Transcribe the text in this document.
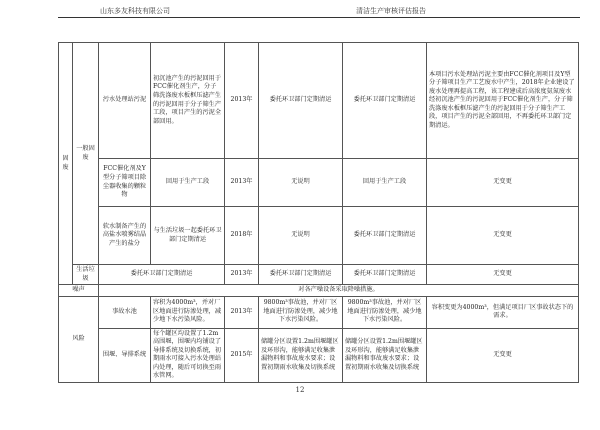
山东多友科技有限公司	清洁生产审核评估报告
固废	一般固废	污水处理站污泥	初沉池产生的污泥回用于FCC催化剂生产，分子筛洗涤废水板框压滤产生的污泥回用于分子筛生产工段，项目产生的污泥全部回用。	2013年	委托环卫部门定期清运	委托环卫部门定期清运	本项目污水处理站污泥主要由FCC催化剂项目及Y型分子筛项目生产工艺废水中产生，2018年企业建设了废水处理再提高工程，该工程建成后高浓度氨氮废水经初沉池产生的污泥回用于FCC催化剂生产，分子筛洗涤废水板框压滤产生的污泥回用于分子筛生产工段，项目产生的污泥全部回用，不再委托环卫部门定期清运。
		FCC催化剂及Y型分子筛项目除尘器收集的颗粒物	回用于生产工段	2013年	无说明	回用于生产工段	无变更
		软水制备产生的高盐水喷雾结晶产生的盐分	与生活垃圾一起委托环卫部门定期清运	2018年	无说明	委托环卫部门定期清运	无变更
	生活垃圾	委托环卫部门定期清运		2013年	委托环卫部门定期清运	委托环卫部门定期清运	无变更
噪声		对各产噪设备采取降噪措施。					
风险		事故水池	容积为4000m³，并对厂区地面进行防渗处理，减少地下水污染风险。	2013年	9800m³事故池，并对厂区地面进行防渗处理，减少地下水污染风险。	9800m³事故池，并对厂区地面进行防渗处理，减少地下水污染风险。	容积变更为4000m³，但满足项目厂区事故状态下的需求。
		围堰、导排系统	每个罐区均设置了1.2m高围堰，围堰内均铺设了导排系统及切换系统，初期雨水可接入污水处理站内处理，随后可切换至雨水管网。	2015年	储罐分区设置1.2m围堰罐区及环形沟，能够满足收集泄漏物料和事故废水要求；设置初期雨水收集及切换系统	储罐分区设置1.2m围堰罐区及环形沟，能够满足收集泄漏物料和事故废水要求；设置初期雨水收集及切换系统	无变更
12
